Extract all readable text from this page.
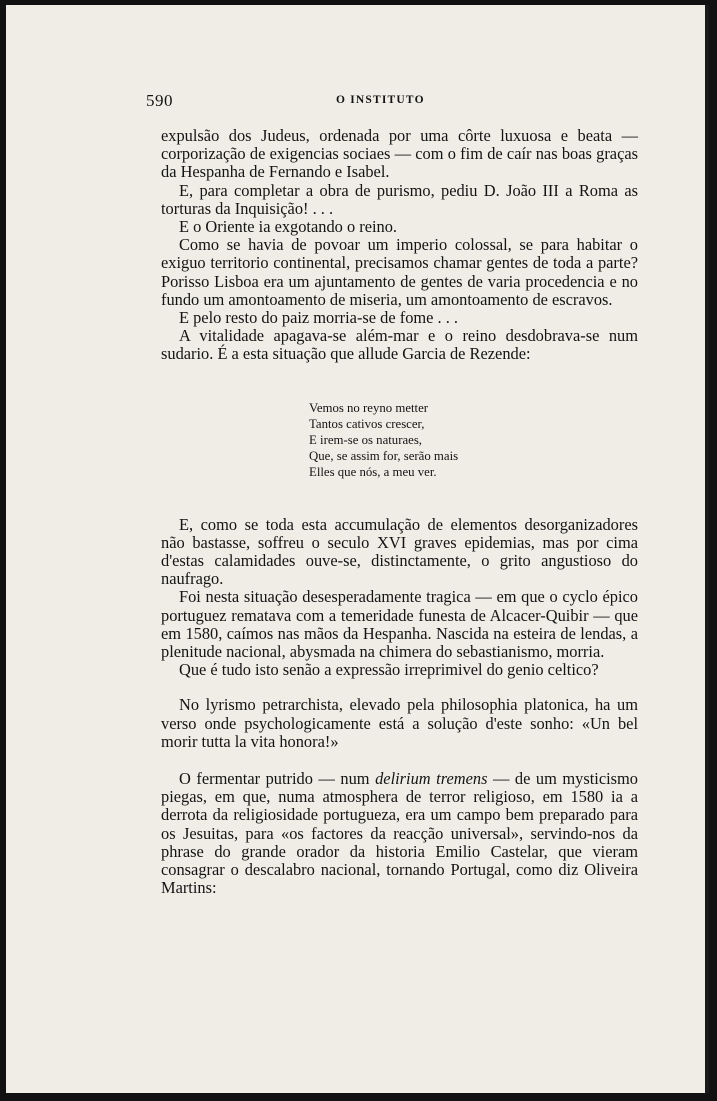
590	O INSTITUTO

expulsão dos Judeus, ordenada por uma côrte luxuosa e beata — corporização de exigencias sociaes — com o fim de caír nas boas graças da Hespanha de Fernando e Isabel.

E, para completar a obra de purismo, pediu D. João III a Roma as torturas da Inquisição! . . .

E o Oriente ia exgotando o reino.

Como se havia de povoar um imperio colossal, se para habitar o exiguo territorio continental, precisamos chamar gentes de toda a parte? Porisso Lisboa era um ajuntamento de gentes de varia procedencia e no fundo um amontoamento de miseria, um amontoamento de escravos.

E pelo resto do paiz morria-se de fome . . .

A vitalidade apagava-se além-mar e o reino desdobrava-se num sudario. É a esta situação que allude Garcia de Rezende:

Vemos no reyno metter
Tantos cativos crescer,
E irem-se os naturaes,
Que, se assim for, serão mais
Elles que nós, a meu ver.

E, como se toda esta accumulação de elementos desorganizadores não bastasse, soffreu o seculo XVI graves epidemias, mas por cima d'estas calamidades ouve-se, distinctamente, o grito angustioso do naufrago.

Foi nesta situação desesperadamente tragica — em que o cyclo épico portuguez rematava com a temeridade funesta de Alcacer-Quibir — que em 1580, caímos nas mãos da Hespanha. Nascida na esteira de lendas, a plenitude nacional, abysmada na chimera do sebastianismo, morria.

Que é tudo isto senão a expressão irreprimivel do genio celtico?

No lyrismo petrarchista, elevado pela philosophia platonica, ha um verso onde psychologicamente está a solução d'este sonho: «Un bel morir tutta la vita honora!»

O fermentar putrido — num delirium tremens — de um mysticismo piegas, em que, numa atmosphera de terror religioso, em 1580 ia a derrota da religiosidade portugueza, era um campo bem preparado para os Jesuitas, para «os factores da reacção universal», servindo-nos da phrase do grande orador da historia Emilio Castelar, que vieram consagrar o descalabro nacional, tornando Portugal, como diz Oliveira Martins:
